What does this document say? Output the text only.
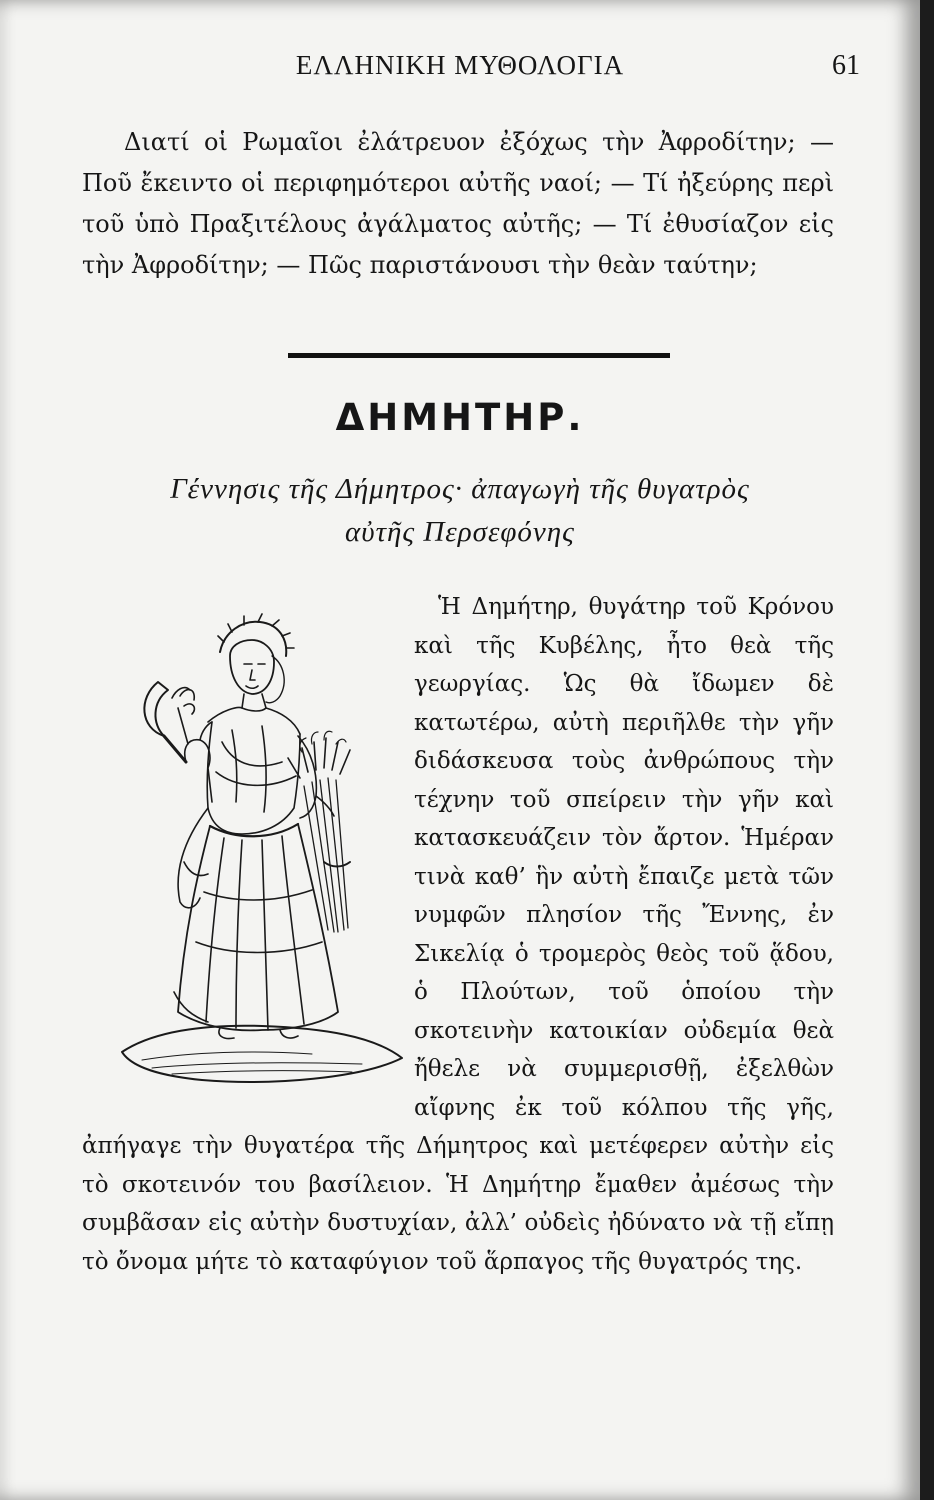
ΕΛΛΗΝΙΚΗ ΜΥΘΟΛΟΓΙΑ	61
Διατί οἱ Ρωμαῖοι ἐλάτρευον ἐξόχως τὴν Ἀφροδίτην; — Ποῦ ἔκειντο οἱ περιφημότεροι αὐτῆς ναοί; — Τί ἠξεύρης περὶ τοῦ ὑπὸ Πραξιτέλους ἀγάλματος αὐτῆς; — Τί ἐθυσίαζον εἰς τὴν Ἀφροδίτην; — Πῶς παριστάνουσι τὴν θεὰν ταύτην;
ΔΗΜΗΤΗΡ.
Γέννησις τῆς Δήμητρος· ἀπαγωγὴ τῆς θυγατρὸς
αὐτῆς Περσεφόνης

Ἡ Δημήτηρ, θυγάτηρ τοῦ Κρόνου καὶ τῆς Κυβέλης, ἦτο θεὰ τῆς γεωργίας. Ὡς θὰ ἴδωμεν δὲ κατωτέρω, αὐτὴ περιῆλθε τὴν γῆν διδάσκευσα τοὺς ἀνθρώπους τὴν τέχνην τοῦ σπείρειν τὴν γῆν καὶ κατασκευάζειν τὸν ἄρτον. Ἡμέραν τινὰ καθ’ ἣν αὐτὴ ἔπαιζε μετὰ τῶν νυμφῶν πλησίον τῆς Ἔννης, ἐν Σικελίᾳ ὁ τρομερὸς θεὸς τοῦ ᾅδου, ὁ Πλούτων, τοῦ ὁποίου τὴν σκοτεινὴν κατοικίαν οὐδεμία θεὰ ἤθελε νὰ συμμερισθῇ, ἐξελθὼν αἴφνης ἐκ τοῦ κόλπου τῆς γῆς, ἀπήγαγε τὴν θυγατέρα τῆς Δήμητρος καὶ μετέφερεν αὐτὴν εἰς τὸ σκοτεινόν του βασίλειον. Ἡ Δημήτηρ ἔμαθεν ἀμέσως τὴν συμβᾶσαν εἰς αὐτὴν δυστυχίαν, ἀλλ’ οὐδεὶς ἠδύνατο νὰ τῇ εἴπῃ τὸ ὄνομα μήτε τὸ καταφύγιον τοῦ ἅρπαγος τῆς θυγατρός της.
